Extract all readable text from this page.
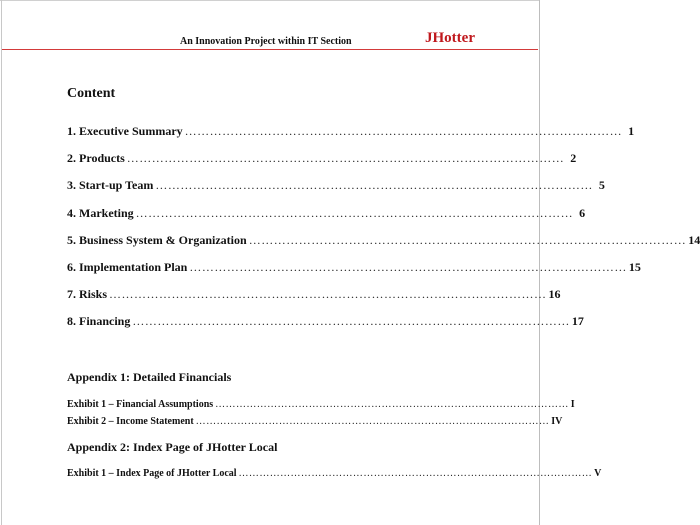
An Innovation Project within IT Section	JHotter
Content
1. Executive Summary …………………………………………………………………………………………… 1
2. Products …………………………………………………………………………………………… 2
3. Start-up Team …………………………………………………………………………………………… 5
4. Marketing …………………………………………………………………………………………… 6
5. Business System & Organization …………………………………………………………………………………………… 14
6. Implementation Plan …………………………………………………………………………………………… 15
7. Risks …………………………………………………………………………………………… 16
8. Financing …………………………………………………………………………………………… 17
Appendix 1: Detailed Financials
Exhibit 1 – Financial Assumptions ………………………………………………………………………………………… I
Exhibit 2 – Income Statement ………………………………………………………………………………………… IV
Appendix 2: Index Page of JHotter Local
Exhibit 1 – Index Page of JHotter Local ………………………………………………………………………………………… V
